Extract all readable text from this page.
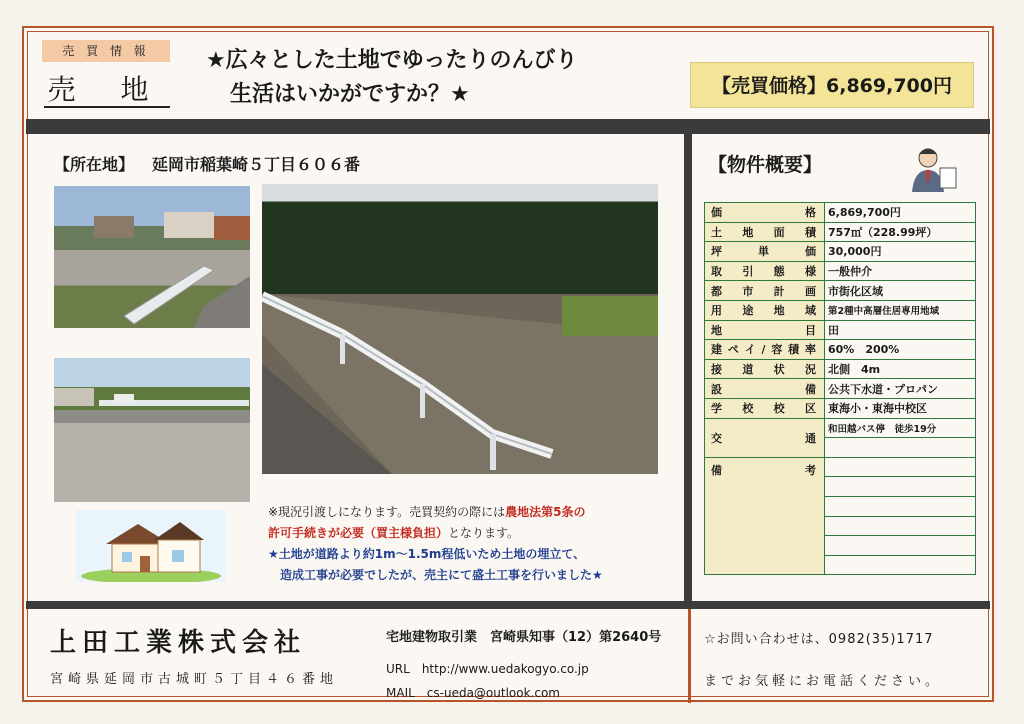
売 買 情 報
売 地
★広々とした土地でゆったりのんびり
生活はいかがですか？★	【売買価格】6,869,700円
【所在地】 延岡市稲葉崎５丁目６０６番
※現況引渡しになります。売買契約の際には農地法第5条の
許可手続きが必要（買主様負担）となります。
★土地が道路より約1m～1.5m程低いため土地の埋立て、
造成工事が必要でしたが、売主にて盛土工事を行いました★
【物件概要】
価格	6,869,700円
土地面積	757㎡（228.99坪）
坪単価	30,000円
取引態様	一般仲介
都市計画	市街化区域
用途地域	第2種中高層住居専用地域
地目	田
建ペイ/容積率	60%　200%
接道状況	北側　4m
設備	公共下水道・プロパン
学校校区	東海小・東海中校区
交通	和田越バス停　徒歩19分

備考	

上田工業株式会社
宮崎県延岡市古城町５丁目４６番地
宅地建物取引業　宮崎県知事（12）第2640号
URL http://www.uedakogyo.co.jp
MAIL cs-ueda@outlook.com
☆お問い合わせは、0982(35)1717
までお気軽にお電話ください。
